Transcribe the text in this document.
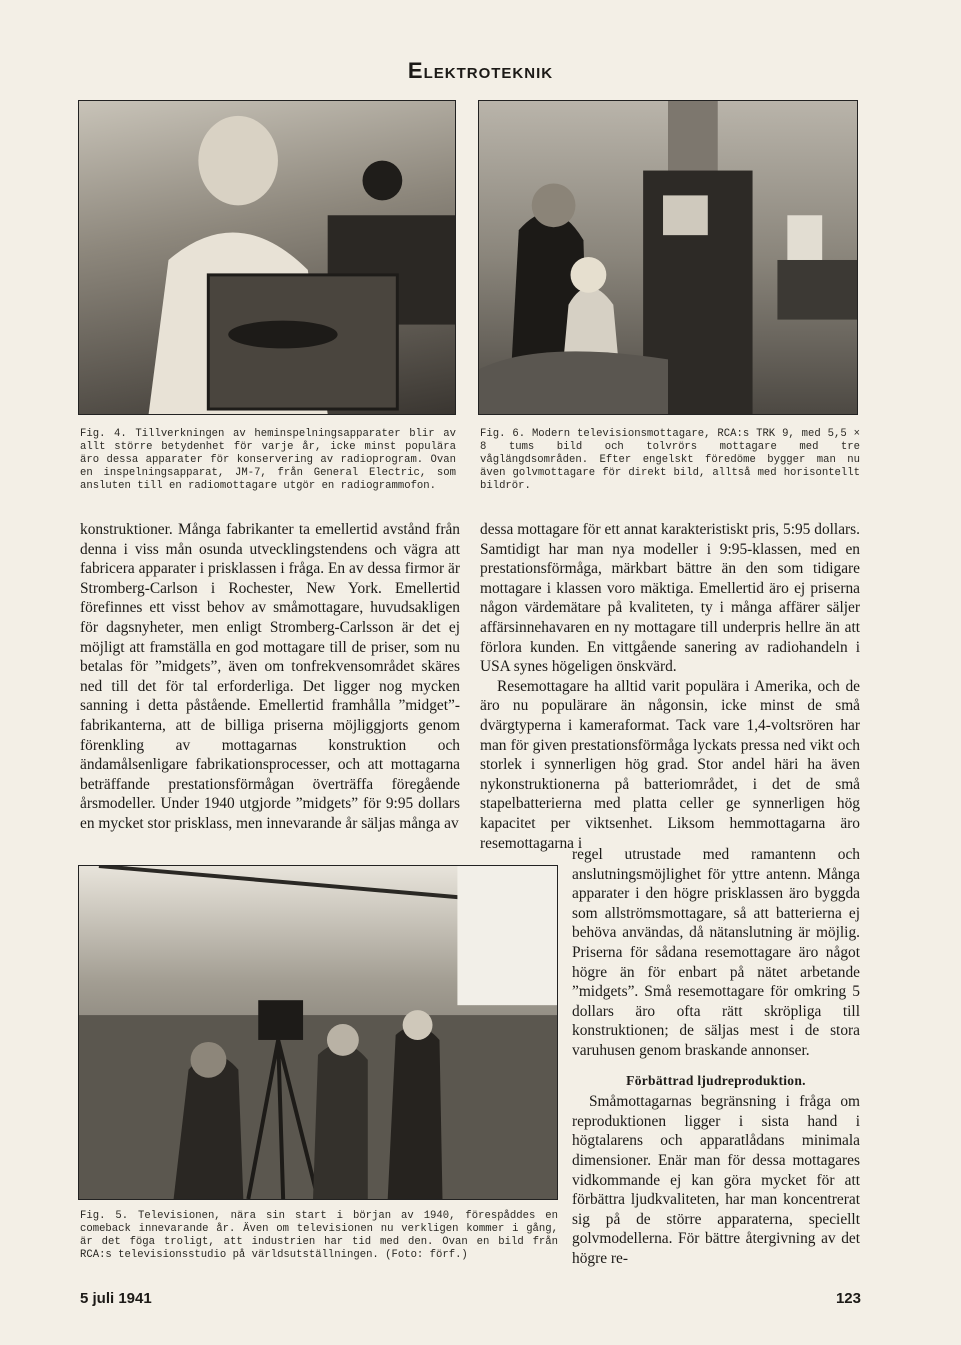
Elektroteknik
Fig. 4. Tillverkningen av heminspelningsapparater blir av allt större betydenhet för varje år, icke minst populära äro dessa apparater för konservering av radioprogram. Ovan en inspelningsapparat, JM-7, från General Electric, som ansluten till en radiomottagare utgör en radiogrammofon.
Fig. 6. Modern televisionsmottagare, RCA:s TRK 9, med 5,5 × 8 tums bild och tolvrörs mottagare med tre våglängdsområden. Efter engelskt föredöme bygger man nu även golvmottagare för direkt bild, alltså med horisontellt bildrör.

konstruktioner. Många fabrikanter ta emellertid avstånd från denna i viss mån osunda utvecklingstendens och vägra att fabricera apparater i prisklassen i fråga. En av dessa firmor är Stromberg-Carlson i Rochester, New York. Emellertid förefinnes ett visst behov av småmottagare, huvudsakligen för dagsnyheter, men enligt Stromberg-Carlsson är det ej möjligt att framställa en god mottagare till de priser, som nu betalas för ”midgets”, även om tonfrekvensområdet skäres ned till det för tal erforderliga. Det ligger nog mycken sanning i detta påstående. Emellertid framhålla ”midget”-fabrikanterna, att de billiga priserna möjliggjorts genom förenkling av mottagarnas konstruktion och ändamålsenligare fabrikationsprocesser, och att mottagarna beträffande prestationsförmågan överträffa föregående årsmodeller. Under 1940 utgjorde ”midgets” för 9:95 dollars en mycket stor prisklass, men innevarande år säljas många av

Fig. 5. Televisionen, nära sin start i början av 1940, förespåddes en comeback innevarande år. Även om televisionen nu verkligen kommer i gång, är det föga troligt, att industrien har tid med den. Ovan en bild från RCA:s televisionsstudio på världsutställningen. (Foto: förf.)

dessa mottagare för ett annat karakteristiskt pris, 5:95 dollars. Samtidigt har man nya modeller i 9:95-klassen, med en prestationsförmåga, märkbart bättre än den som tidigare mottagare i klassen voro mäktiga. Emellertid äro ej priserna någon värdemätare på kvaliteten, ty i många affärer säljer affärsinnehavaren en ny mottagare till underpris hellre än att förlora kunden. En vittgående sanering av radiohandeln i USA synes högeligen önskvärd.

Resemottagare ha alltid varit populära i Amerika, och de äro nu populärare än någonsin, icke minst de små dvärgtyperna i kameraformat. Tack vare 1,4-voltsrören har man för given prestationsförmåga lyckats pressa ned vikt och storlek i synnerligen hög grad. Stor andel häri ha även nykonstruktionerna på batteriområdet, i det de små stapelbatterierna med platta celler ge synnerligen hög kapacitet per viktsenhet. Liksom hemmottagarna äro resemottagarna i

regel utrustade med ramantenn och anslutningsmöjlighet för yttre antenn. Många apparater i den högre prisklassen äro byggda som allströmsmottagare, så att batterierna ej behöva användas, då nätanslutning är möjlig. Priserna för sådana resemottagare äro något högre än för enbart på nätet arbetande ”midgets”. Små resemottagare för omkring 5 dollars äro ofta rätt skröpliga till konstruktionen; de säljas mest i de stora varuhusen genom braskande annonser.

Förbättrad ljudreproduktion.

Småmottagarnas begränsning i fråga om reproduktionen ligger i sista hand i högtalarens och apparatlådans minimala dimensioner. Enär man för dessa mottagares vidkommande ej kan göra mycket för att förbättra ljudkvaliteten, har man koncentrerat sig på de större apparaterna, speciellt golvmodellerna. För bättre återgivning av det högre re-

5 juli 1941	123
